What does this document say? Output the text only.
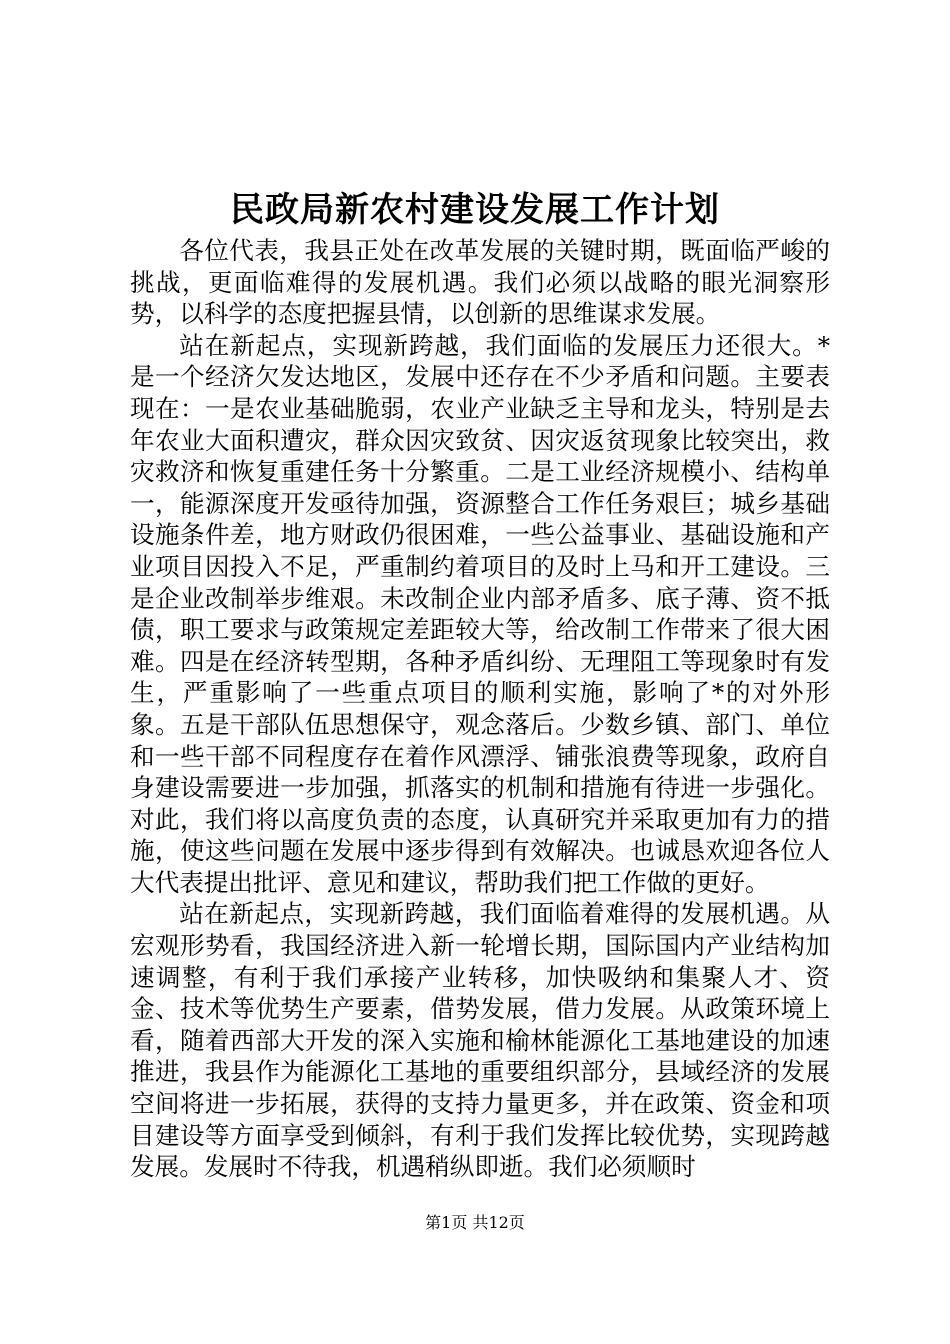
民政局新农村建设发展工作计划

各位代表，我县正处在改革发展的关键时期，既面临严峻的挑战，更面临难得的发展机遇。我们必须以战略的眼光洞察形势，以科学的态度把握县情，以创新的思维谋求发展。

站在新起点，实现新跨越，我们面临的发展压力还很大。*是一个经济欠发达地区，发展中还存在不少矛盾和问题。主要表现在：一是农业基础脆弱，农业产业缺乏主导和龙头，特别是去年农业大面积遭灾，群众因灾致贫、因灾返贫现象比较突出，救灾救济和恢复重建任务十分繁重。二是工业经济规模小、结构单一，能源深度开发亟待加强，资源整合工作任务艰巨；城乡基础设施条件差，地方财政仍很困难，一些公益事业、基础设施和产业项目因投入不足，严重制约着项目的及时上马和开工建设。三是企业改制举步维艰。未改制企业内部矛盾多、底子薄、资不抵债，职工要求与政策规定差距较大等，给改制工作带来了很大困难。四是在经济转型期，各种矛盾纠纷、无理阻工等现象时有发生，严重影响了一些重点项目的顺利实施，影响了*的对外形象。五是干部队伍思想保守，观念落后。少数乡镇、部门、单位和一些干部不同程度存在着作风漂浮、铺张浪费等现象，政府自身建设需要进一步加强，抓落实的机制和措施有待进一步强化。对此，我们将以高度负责的态度，认真研究并采取更加有力的措施，使这些问题在发展中逐步得到有效解决。也诚恳欢迎各位人大代表提出批评、意见和建议，帮助我们把工作做的更好。

站在新起点，实现新跨越，我们面临着难得的发展机遇。从宏观形势看，我国经济进入新一轮增长期，国际国内产业结构加速调整，有利于我们承接产业转移，加快吸纳和集聚人才、资金、技术等优势生产要素，借势发展，借力发展。从政策环境上看，随着西部大开发的深入实施和榆林能源化工基地建设的加速推进，我县作为能源化工基地的重要组织部分，县域经济的发展空间将进一步拓展，获得的支持力量更多，并在政策、资金和项目建设等方面享受到倾斜，有利于我们发挥比较优势，实现跨越发展。发展时不待我，机遇稍纵即逝。我们必须顺时

第1页 共12页
